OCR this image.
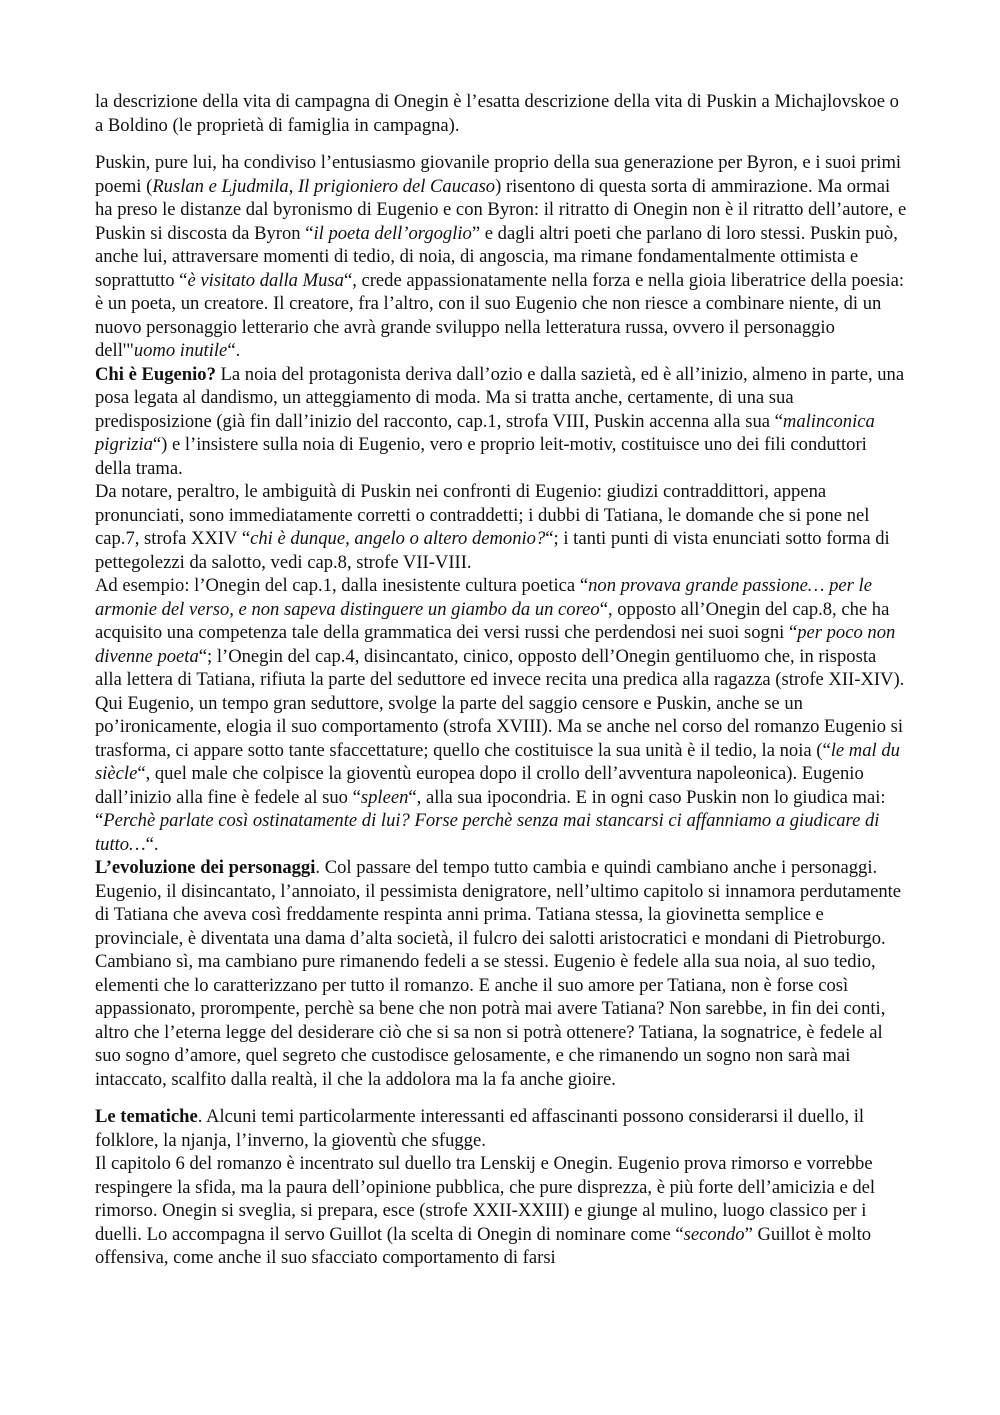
la descrizione della vita di campagna di Onegin è l’esatta descrizione della vita di Puskin a Michajlovskoe o a Boldino (le proprietà di famiglia in campagna).

Puskin, pure lui, ha condiviso l’entusiasmo giovanile proprio della sua generazione per Byron, e i suoi primi poemi (Ruslan e Ljudmila, Il prigioniero del Caucaso) risentono di questa sorta di ammirazione. Ma ormai ha preso le distanze dal byronismo di Eugenio e con Byron: il ritratto di Onegin non è il ritratto dell’autore, e Puskin si discosta da Byron “il poeta dell’orgoglio” e dagli altri poeti che parlano di loro stessi. Puskin può, anche lui, attraversare momenti di tedio, di noia, di angoscia, ma rimane fondamentalmente ottimista e soprattutto “è visitato dalla Musa“, crede appassionatamente nella forza e nella gioia liberatrice della poesia: è un poeta, un creatore. Il creatore, fra l’altro, con il suo Eugenio che non riesce a combinare niente, di un nuovo personaggio letterario che avrà grande sviluppo nella letteratura russa, ovvero il personaggio dell'"uomo inutile“.

Chi è Eugenio? La noia del protagonista deriva dall’ozio e dalla sazietà, ed è all’inizio, almeno in parte, una posa legata al dandismo, un atteggiamento di moda. Ma si tratta anche, certamente, di una sua predisposizione (già fin dall’inizio del racconto, cap.1, strofa VIII, Puskin accenna alla sua “malinconica pigrizia“) e l’insistere sulla noia di Eugenio, vero e proprio leit-motiv, costituisce uno dei fili conduttori della trama.

Da notare, peraltro, le ambiguità di Puskin nei confronti di Eugenio: giudizi contraddittori, appena pronunciati, sono immediatamente corretti o contraddetti; i dubbi di Tatiana, le domande che si pone nel cap.7, strofa XXIV “chi è dunque, angelo o altero demonio?“; i tanti punti di vista enunciati sotto forma di pettegolezzi da salotto, vedi cap.8, strofe VII-VIII.

Ad esempio: l’Onegin del cap.1, dalla inesistente cultura poetica “non provava grande passione… per le armonie del verso, e non sapeva distinguere un giambo da un coreo“, opposto all’Onegin del cap.8, che ha acquisito una competenza tale della grammatica dei versi russi che perdendosi nei suoi sogni “per poco non divenne poeta“; l’Onegin del cap.4, disincantato, cinico, opposto dell’Onegin gentiluomo che, in risposta alla lettera di Tatiana, rifiuta la parte del seduttore ed invece recita una predica alla ragazza (strofe XII-XIV). Qui Eugenio, un tempo gran seduttore, svolge la parte del saggio censore e Puskin, anche se un po’ironicamente, elogia il suo comportamento (strofa XVIII). Ma se anche nel corso del romanzo Eugenio si trasforma, ci appare sotto tante sfaccettature; quello che costituisce la sua unità è il tedio, la noia (“le mal du siècle“, quel male che colpisce la gioventù europea dopo il crollo dell’avventura napoleonica). Eugenio dall’inizio alla fine è fedele al suo “spleen“, alla sua ipocondria. E in ogni caso Puskin non lo giudica mai: “Perchè parlate così ostinatamente di lui? Forse perchè senza mai stancarsi ci affanniamo a giudicare di tutto…“.

L’evoluzione dei personaggi. Col passare del tempo tutto cambia e quindi cambiano anche i personaggi. Eugenio, il disincantato, l’annoiato, il pessimista denigratore, nell’ultimo capitolo si innamora perdutamente di Tatiana che aveva così freddamente respinta anni prima. Tatiana stessa, la giovinetta semplice e provinciale, è diventata una dama d’alta società, il fulcro dei salotti aristocratici e mondani di Pietroburgo.

Cambiano sì, ma cambiano pure rimanendo fedeli a se stessi. Eugenio è fedele alla sua noia, al suo tedio, elementi che lo caratterizzano per tutto il romanzo. E anche il suo amore per Tatiana, non è forse così appassionato, prorompente, perchè sa bene che non potrà mai avere Tatiana? Non sarebbe, in fin dei conti, altro che l’eterna legge del desiderare ciò che si sa non si potrà ottenere? Tatiana, la sognatrice, è fedele al suo sogno d’amore, quel segreto che custodisce gelosamente, e che rimanendo un sogno non sarà mai intaccato, scalfito dalla realtà, il che la addolora ma la fa anche gioire.

Le tematiche. Alcuni temi particolarmente interessanti ed affascinanti possono considerarsi il duello, il folklore, la njanja, l’inverno, la gioventù che sfugge.

Il capitolo 6 del romanzo è incentrato sul duello tra Lenskij e Onegin. Eugenio prova rimorso e vorrebbe respingere la sfida, ma la paura dell’opinione pubblica, che pure disprezza, è più forte dell’amicizia e del rimorso. Onegin si sveglia, si prepara, esce (strofe XXII-XXIII) e giunge al mulino, luogo classico per i duelli. Lo accompagna il servo Guillot (la scelta di Onegin di nominare come “secondo” Guillot è molto offensiva, come anche il suo sfacciato comportamento di farsi
